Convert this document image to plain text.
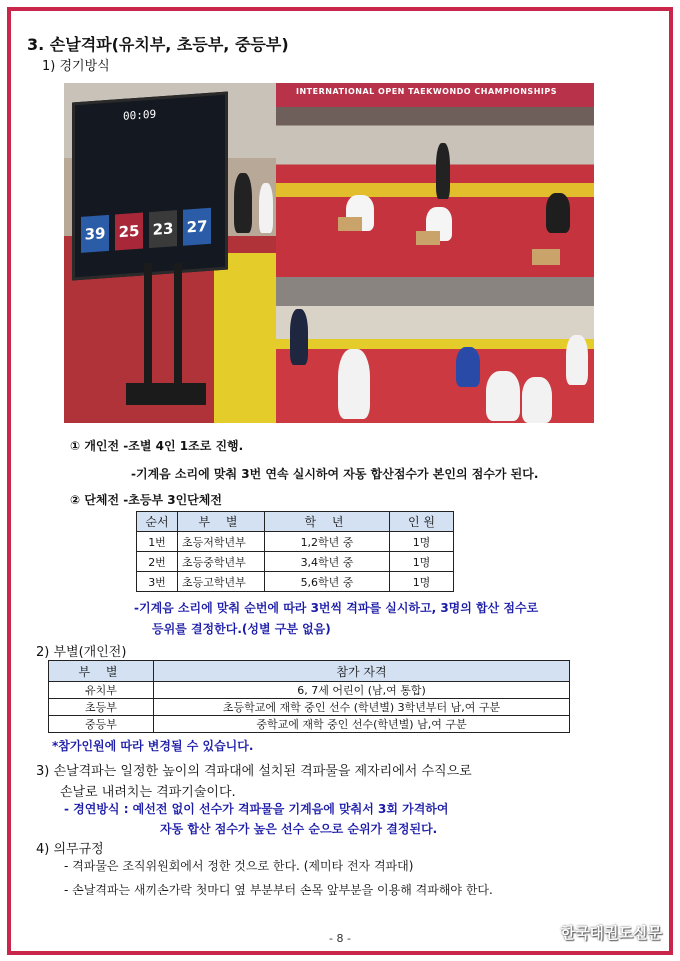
3. 손날격파(유치부, 초등부, 중등부)
1) 경기방식
00:09
39 25 23 27
INTERNATIONAL OPEN TAEKWONDO CHAMPIONSHIPS
① 개인전 -조별 4인 1조로 진행.
-기계음 소리에 맞춰 3번 연속 실시하여 자동 합산점수가 본인의 점수가 된다.
② 단체전 -초등부 3인단체전
순서	부 별	학 년	인 원
1번	초등저학년부	1,2학년 중	1명
2번	초등중학년부	3,4학년 중	1명
3번	초등고학년부	5,6학년 중	1명
-기계음 소리에 맞춰 순번에 따라 3번씩 격파를 실시하고, 3명의 합산 점수로
등위를 결정한다.(성별 구분 없음)
2) 부별(개인전)
부 별	참가 자격
유치부	6, 7세 어린이 (남,여 통합)
초등부	초등학교에 재학 중인 선수 (학년별) 3학년부터 남,여 구분
중등부	중학교에 재학 중인 선수(학년별) 남,여 구분
*참가인원에 따라 변경될 수 있습니다.
3) 손날격파는 일정한 높이의 격파대에 설치된 격파물을 제자리에서 수직으로
손날로 내려치는 격파기술이다.
- 경연방식 : 예선전 없이 선수가 격파물을 기계음에 맞춰서 3회 가격하여
자동 합산 점수가 높은 선수 순으로 순위가 결정된다.
4) 의무규정
- 격파물은 조직위원회에서 정한 것으로 한다. (제미타 전자 격파대)
- 손날격파는 새끼손가락 첫마디 옆 부분부터 손목 앞부분을 이용해 격파해야 한다.
- 8 -	한국태권도신문
